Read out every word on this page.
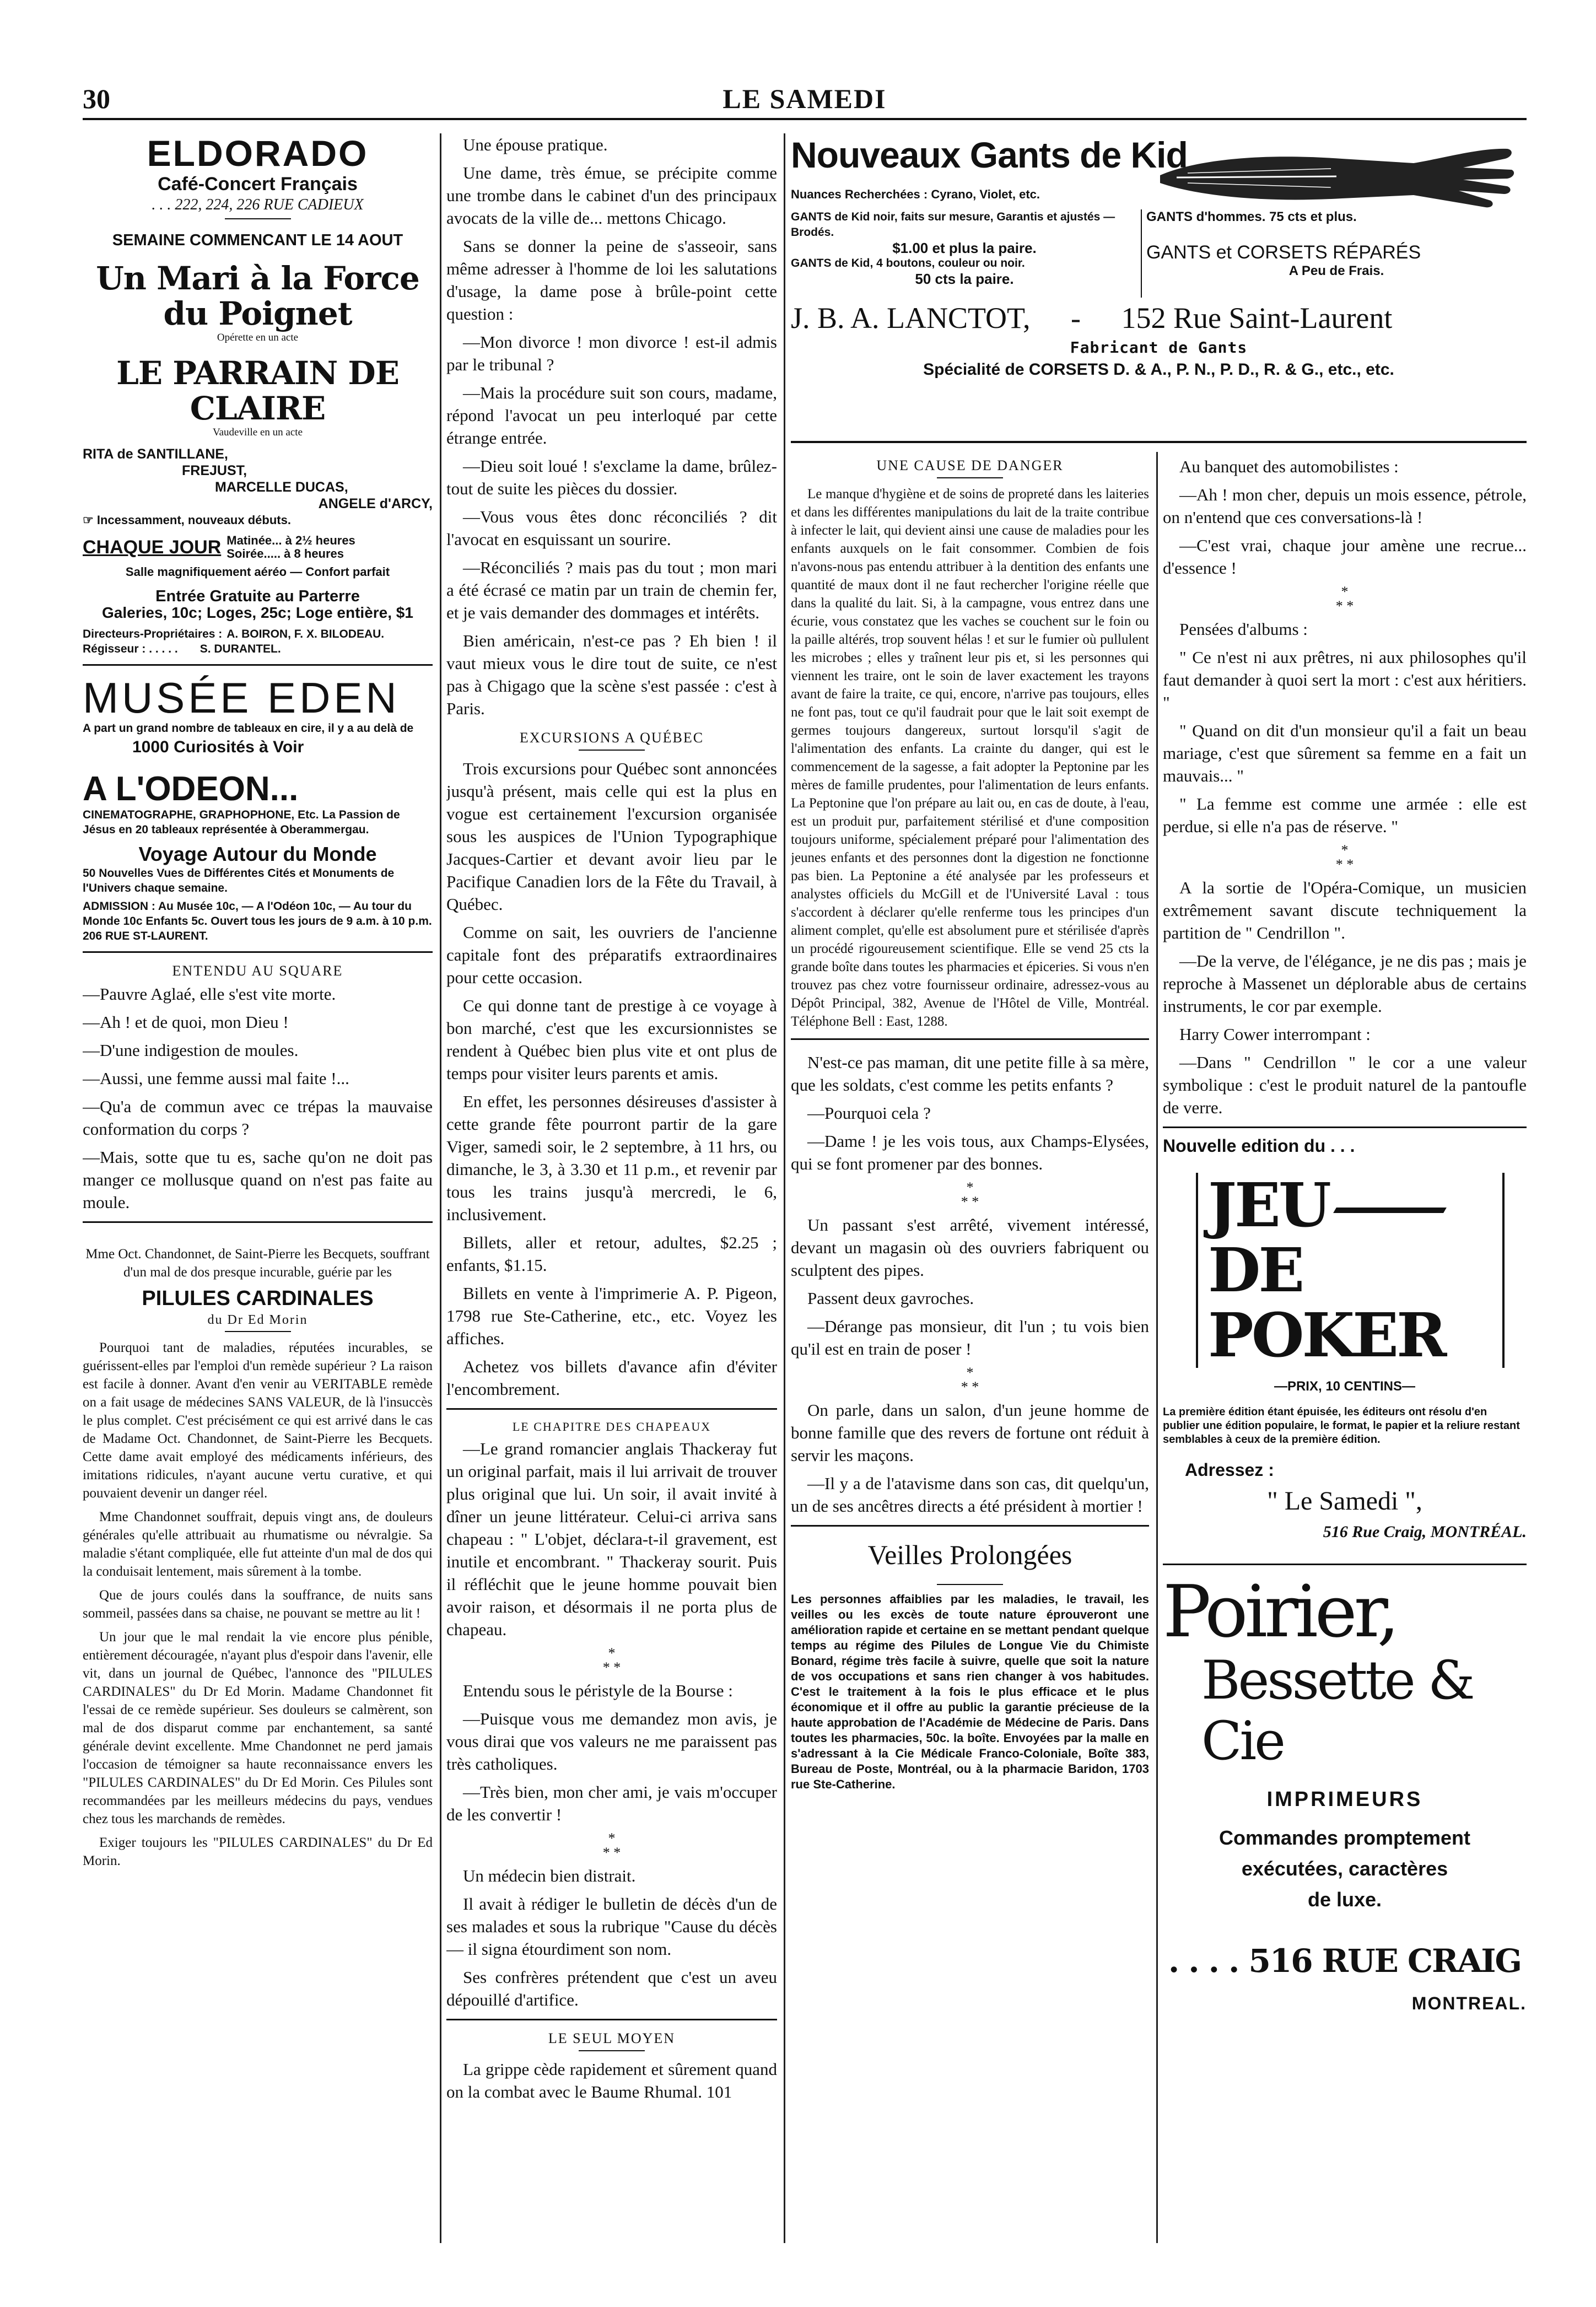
30	LE SAMEDI
ELDORADO
Café-Concert Français
. . . 222, 224, 226 RUE CADIEUX
SEMAINE COMMENCANT LE 14 AOUT
Un Mari à la Force du Poignet
Opérette en un acte
LE PARRAIN DE CLAIRE
Vaudeville en un acte
RITA de SANTILLANE,
FREJUST,
MARCELLE DUCAS,
ANGELE d'ARCY,
☞ Incessamment, nouveaux débuts.
CHAQUE JOUR Matinée... à 2½ heures
Soirée..... à 8 heures
Salle magnifiquement aéréo — Confort parfait
Entrée Gratuite au Parterre
Galeries, 10c; Loges, 25c; Loge entière, $1
Directeurs-Propriétaires : A. BOIRON, F. X. BILODEAU.
Régisseur : . . . . . S. DURANTEL.
MUSÉE EDEN
A part un grand nombre de tableaux en cire, il y a au delà de
1000 Curiosités à Voir
A L'ODEON...
CINEMATOGRAPHE, GRAPHOPHONE, Etc. La Passion de Jésus en 20 tableaux représentée à Oberammergau.
Voyage Autour du Monde
50 Nouvelles Vues de Différentes Cités et Monuments de l'Univers chaque semaine.
ADMISSION : Au Musée 10c, — A l'Odéon 10c, — Au tour du Monde 10c Enfants 5c. Ouvert tous les jours de 9 a.m. à 10 p.m. 206 RUE ST-LAURENT.
ENTENDU AU SQUARE

—Pauvre Aglaé, elle s'est vite morte.

—Ah ! et de quoi, mon Dieu !

—D'une indigestion de moules.

—Aussi, une femme aussi mal faite !...

—Qu'a de commun avec ce trépas la mauvaise conformation du corps ?

—Mais, sotte que tu es, sache qu'on ne doit pas manger ce mollusque quand on n'est pas faite au moule.

Mme Oct. Chandonnet, de Saint-Pierre les Becquets, souffrant d'un mal de dos presque incurable, guérie par les

PILULES CARDINALES
du Dr Ed Morin

Pourquoi tant de maladies, réputées incurables, se guérissent-elles par l'emploi d'un remède supérieur ? La raison est facile à donner. Avant d'en venir au VERITABLE remède on a fait usage de médecines SANS VALEUR, de là l'insuccès le plus complet. C'est précisément ce qui est arrivé dans le cas de Madame Oct. Chandonnet, de Saint-Pierre les Becquets. Cette dame avait employé des médicaments inférieurs, des imitations ridicules, n'ayant aucune vertu curative, et qui pouvaient devenir un danger réel.

Mme Chandonnet souffrait, depuis vingt ans, de douleurs générales qu'elle attribuait au rhumatisme ou névralgie. Sa maladie s'étant compliquée, elle fut atteinte d'un mal de dos qui la conduisait lentement, mais sûrement à la tombe.

Que de jours coulés dans la souffrance, de nuits sans sommeil, passées dans sa chaise, ne pouvant se mettre au lit !

Un jour que le mal rendait la vie encore plus pénible, entièrement découragée, n'ayant plus d'espoir dans l'avenir, elle vit, dans un journal de Québec, l'annonce des "PILULES CARDINALES" du Dr Ed Morin. Madame Chandonnet fit l'essai de ce remède supérieur. Ses douleurs se calmèrent, son mal de dos disparut comme par enchantement, sa santé générale devint excellente. Mme Chandonnet ne perd jamais l'occasion de témoigner sa haute reconnaissance envers les "PILULES CARDINALES" du Dr Ed Morin. Ces Pilules sont recommandées par les meilleurs médecins du pays, vendues chez tous les marchands de remèdes.

Exiger toujours les "PILULES CARDINALES" du Dr Ed Morin.

Une épouse pratique.

Une dame, très émue, se précipite comme une trombe dans le cabinet d'un des principaux avocats de la ville de... mettons Chicago.

Sans se donner la peine de s'asseoir, sans même adresser à l'homme de loi les salutations d'usage, la dame pose à brûle-point cette question :

—Mon divorce ! mon divorce ! est-il admis par le tribunal ?

—Mais la procédure suit son cours, madame, répond l'avocat un peu interloqué par cette étrange entrée.

—Dieu soit loué ! s'exclame la dame, brûlez-tout de suite les pièces du dossier.

—Vous vous êtes donc réconciliés ? dit l'avocat en esquissant un sourire.

—Réconciliés ? mais pas du tout ; mon mari a été écrasé ce matin par un train de chemin fer, et je vais demander des dommages et intérêts.

Bien américain, n'est-ce pas ? Eh bien ! il vaut mieux vous le dire tout de suite, ce n'est pas à Chigago que la scène s'est passée : c'est à Paris.

EXCURSIONS A QUÉBEC

Trois excursions pour Québec sont annoncées jusqu'à présent, mais celle qui est la plus en vogue est certainement l'excursion organisée sous les auspices de l'Union Typographique Jacques-Cartier et devant avoir lieu par le Pacifique Canadien lors de la Fête du Travail, à Québec.

Comme on sait, les ouvriers de l'ancienne capitale font des préparatifs extraordinaires pour cette occasion.

Ce qui donne tant de prestige à ce voyage à bon marché, c'est que les excursionnistes se rendent à Québec bien plus vite et ont plus de temps pour visiter leurs parents et amis.

En effet, les personnes désireuses d'assister à cette grande fête pourront partir de la gare Viger, samedi soir, le 2 septembre, à 11 hrs, ou dimanche, le 3, à 3.30 et 11 p.m., et revenir par tous les trains jusqu'à mercredi, le 6, inclusivement.

Billets, aller et retour, adultes, $2.25 ; enfants, $1.15.

Billets en vente à l'imprimerie A. P. Pigeon, 1798 rue Ste-Catherine, etc., etc. Voyez les affiches.

Achetez vos billets d'avance afin d'éviter l'encombrement.

LE CHAPITRE DES CHAPEAUX

—Le grand romancier anglais Thackeray fut un original parfait, mais il lui arrivait de trouver plus original que lui. Un soir, il avait invité à dîner un jeune littérateur. Celui-ci arriva sans chapeau : " L'objet, déclara-t-il gravement, est inutile et encombrant. " Thackeray sourit. Puis il réfléchit que le jeune homme pouvait bien avoir raison, et désormais il ne porta plus de chapeau.

*
* *

Entendu sous le péristyle de la Bourse :

—Puisque vous me demandez mon avis, je vous dirai que vos valeurs ne me paraissent pas très catholiques.

—Très bien, mon cher ami, je vais m'occuper de les convertir !

*
* *

Un médecin bien distrait.

Il avait à rédiger le bulletin de décès d'un de ses malades et sous la rubrique "Cause du décès — il signa étourdiment son nom.

Ses confrères prétendent que c'est un aveu dépouillé d'artifice.

LE SEUL MOYEN

La grippe cède rapidement et sûrement quand on la combat avec le Baume Rhumal. 101

Nouveaux Gants de Kid
Nuances Recherchées : Cyrano, Violet, etc.
GANTS de Kid noir, faits sur mesure, Garantis et ajustés — Brodés.
$1.00 et plus la paire.
GANTS de Kid, 4 boutons, couleur ou noir.
50 cts la paire.
GANTS d'hommes. 75 cts et plus.
GANTS et CORSETS RÉPARÉS
A Peu de Frais.
J. B. A. LANCTOT, - 152 Rue Saint-Laurent
Fabricant de Gants
Spécialité de CORSETS D. & A., P. N., P. D., R. & G., etc., etc.
UNE CAUSE DE DANGER

Le manque d'hygiène et de soins de propreté dans les laiteries et dans les différentes manipulations du lait de la traite contribue à infecter le lait, qui devient ainsi une cause de maladies pour les enfants auxquels on le fait consommer. Combien de fois n'avons-nous pas entendu attribuer à la dentition des enfants une quantité de maux dont il ne faut rechercher l'origine réelle que dans la qualité du lait. Si, à la campagne, vous entrez dans une écurie, vous constatez que les vaches se couchent sur le foin ou la paille altérés, trop souvent hélas ! et sur le fumier où pullulent les microbes ; elles y traînent leur pis et, si les personnes qui viennent les traire, ont le soin de laver exactement les trayons avant de faire la traite, ce qui, encore, n'arrive pas toujours, elles ne font pas, tout ce qu'il faudrait pour que le lait soit exempt de germes toujours dangereux, surtout lorsqu'il s'agit de l'alimentation des enfants. La crainte du danger, qui est le commencement de la sagesse, a fait adopter la Peptonine par les mères de famille prudentes, pour l'alimentation de leurs enfants. La Peptonine que l'on prépare au lait ou, en cas de doute, à l'eau, est un produit pur, parfaitement stérilisé et d'une composition toujours uniforme, spécialement préparé pour l'alimentation des jeunes enfants et des personnes dont la digestion ne fonctionne pas bien. La Peptonine a été analysée par les professeurs et analystes officiels du McGill et de l'Université Laval : tous s'accordent à déclarer qu'elle renferme tous les principes d'un aliment complet, qu'elle est absolument pure et stérilisée d'après un procédé rigoureusement scientifique. Elle se vend 25 cts la grande boîte dans toutes les pharmacies et épiceries. Si vous n'en trouvez pas chez votre fournisseur ordinaire, adressez-vous au Dépôt Principal, 382, Avenue de l'Hôtel de Ville, Montréal. Téléphone Bell : East, 1288.

N'est-ce pas maman, dit une petite fille à sa mère, que les soldats, c'est comme les petits enfants ?

—Pourquoi cela ?

—Dame ! je les vois tous, aux Champs-Elysées, qui se font promener par des bonnes.

*
* *

Un passant s'est arrêté, vivement intéressé, devant un magasin où des ouvriers fabriquent ou sculptent des pipes.

Passent deux gavroches.

—Dérange pas monsieur, dit l'un ; tu vois bien qu'il est en train de poser !

*
* *

On parle, dans un salon, d'un jeune homme de bonne famille que des revers de fortune ont réduit à servir les maçons.

—Il y a de l'atavisme dans son cas, dit quelqu'un, un de ses ancêtres directs a été président à mortier !

Veilles Prolongées
Les personnes affaiblies par les maladies, le travail, les veilles ou les excès de toute nature éprouveront une amélioration rapide et certaine en se mettant pendant quelque temps au régime des Pilules de Longue Vie du Chimiste Bonard, régime très facile à suivre, quelle que soit la nature de vos occupations et sans rien changer à vos habitudes. C'est le traitement à la fois le plus efficace et le plus économique et il offre au public la garantie précieuse de la haute approbation de l'Académie de Médecine de Paris. Dans toutes les pharmacies, 50c. la boîte. Envoyées par la malle en s'adressant à la Cie Médicale Franco-Coloniale, Boîte 383, Bureau de Poste, Montréal, ou à la pharmacie Baridon, 1703 rue Ste-Catherine.

Au banquet des automobilistes :

—Ah ! mon cher, depuis un mois essence, pétrole, on n'entend que ces conversations-là !

—C'est vrai, chaque jour amène une recrue... d'essence !

*
* *

Pensées d'albums :

" Ce n'est ni aux prêtres, ni aux philosophes qu'il faut demander à quoi sert la mort : c'est aux héritiers. "

" Quand on dit d'un monsieur qu'il a fait un beau mariage, c'est que sûrement sa femme en a fait un mauvais... "

" La femme est comme une armée : elle est perdue, si elle n'a pas de réserve. "

*
* *

A la sortie de l'Opéra-Comique, un musicien extrêmement savant discute techniquement la partition de " Cendrillon ".

—De la verve, de l'élégance, je ne dis pas ; mais je reproche à Massenet un déplorable abus de certains instruments, le cor par exemple.

Harry Cower interrompant :

—Dans " Cendrillon " le cor a une valeur symbolique : c'est le produit naturel de la pantoufle de verre.

Nouvelle edition du . . .
JEU
DE POKER
—PRIX, 10 CENTINS—
La première édition étant épuisée, les éditeurs ont résolu d'en publier une édition populaire, le format, le papier et la reliure restant semblables à ceux de la première édition.
Adressez :
" Le Samedi ",
516 Rue Craig, MONTRÉAL.
Poirier,
Bessette & Cie
IMPRIMEURS
Commandes promptement
exécutées, caractères
de luxe.
. . . . 516 RUE CRAIG
MONTREAL.
